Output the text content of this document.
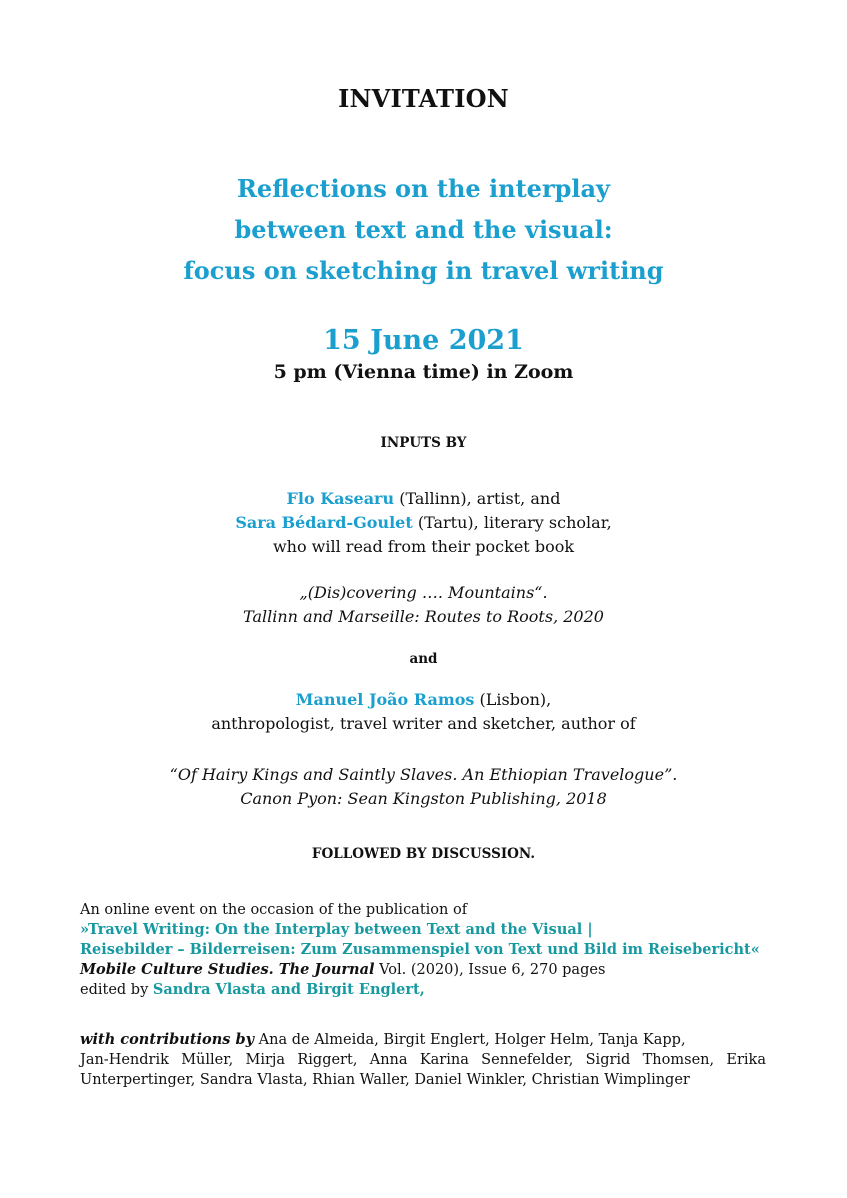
INVITATION
Reflections on the interplay
between text and the visual:
focus on sketching in travel writing
15 June 2021
5 pm (Vienna time) in Zoom
INPUTS BY
Flo Kasearu (Tallinn), artist, and
Sara Bédard-Goulet (Tartu), literary scholar,
who will read from their pocket book
„(Dis)covering …. Mountains“.
Tallinn and Marseille: Routes to Roots, 2020
and
Manuel João Ramos (Lisbon),
anthropologist, travel writer and sketcher, author of
“Of Hairy Kings and Saintly Slaves. An Ethiopian Travelogue”.
Canon Pyon: Sean Kingston Publishing, 2018
FOLLOWED BY DISCUSSION.
An online event on the occasion of the publication of
»Travel Writing: On the Interplay between Text and the Visual |
Reisebilder – Bilderreisen: Zum Zusammenspiel von Text und Bild im Reisebericht«
Mobile Culture Studies. The Journal Vol. (2020), Issue 6, 270 pages
edited by Sandra Vlasta and Birgit Englert,
with contributions by Ana de Almeida, Birgit Englert, Holger Helm, Tanja Kapp,
Jan-Hendrik Müller, Mirja Riggert, Anna Karina Sennefelder, Sigrid Thomsen, Erika
Unterpertinger, Sandra Vlasta, Rhian Waller, Daniel Winkler, Christian Wimplinger
